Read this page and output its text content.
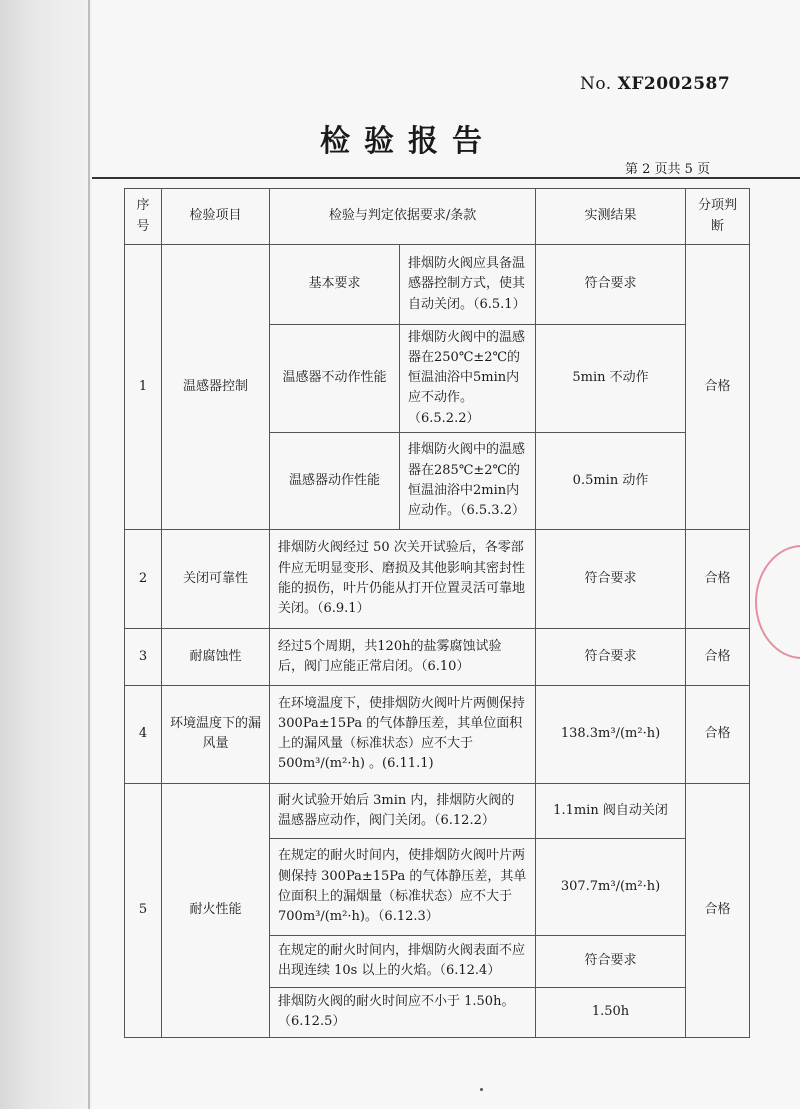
No. XF2002587
检验报告
第 2 页共 5 页
序号	检验项目	检验与判定依据要求/条款		实测结果	分项判断
1	温感器控制	基本要求	排烟防火阀应具备温感器控制方式，使其自动关闭。（6.5.1）	符合要求	合格
		温感器不动作性能	排烟防火阀中的温感器在250℃±2℃的恒温油浴中5min内应不动作。（6.5.2.2）	5min 不动作	
		温感器动作性能	排烟防火阀中的温感器在285℃±2℃的恒温油浴中2min内应动作。（6.5.3.2）	0.5min 动作	
2	关闭可靠性	排烟防火阀经过 50 次关开试验后，各零部件应无明显变形、磨损及其他影响其密封性能的损伤，叶片仍能从打开位置灵活可靠地关闭。（6.9.1）		符合要求	合格
3	耐腐蚀性	经过5个周期，共120h的盐雾腐蚀试验后，阀门应能正常启闭。（6.10）		符合要求	合格
4	环境温度下的漏风量	在环境温度下，使排烟防火阀叶片两侧保持 300Pa±15Pa 的气体静压差，其单位面积上的漏风量（标准状态）应不大于 500m³/(m²·h) 。(6.11.1)		138.3m³/(m²·h)	合格
5	耐火性能	耐火试验开始后 3min 内，排烟防火阀的温感器应动作，阀门关闭。（6.12.2）		1.1min 阀自动关闭	合格
		在规定的耐火时间内，使排烟防火阀叶片两侧保持 300Pa±15Pa 的气体静压差，其单位面积上的漏烟量（标准状态）应不大于 700m³/(m²·h)。（6.12.3）		307.7m³/(m²·h)	
		在规定的耐火时间内，排烟防火阀表面不应出现连续 10s 以上的火焰。（6.12.4）		符合要求	
		排烟防火阀的耐火时间应不小于 1.50h。（6.12.5）		1.50h	
